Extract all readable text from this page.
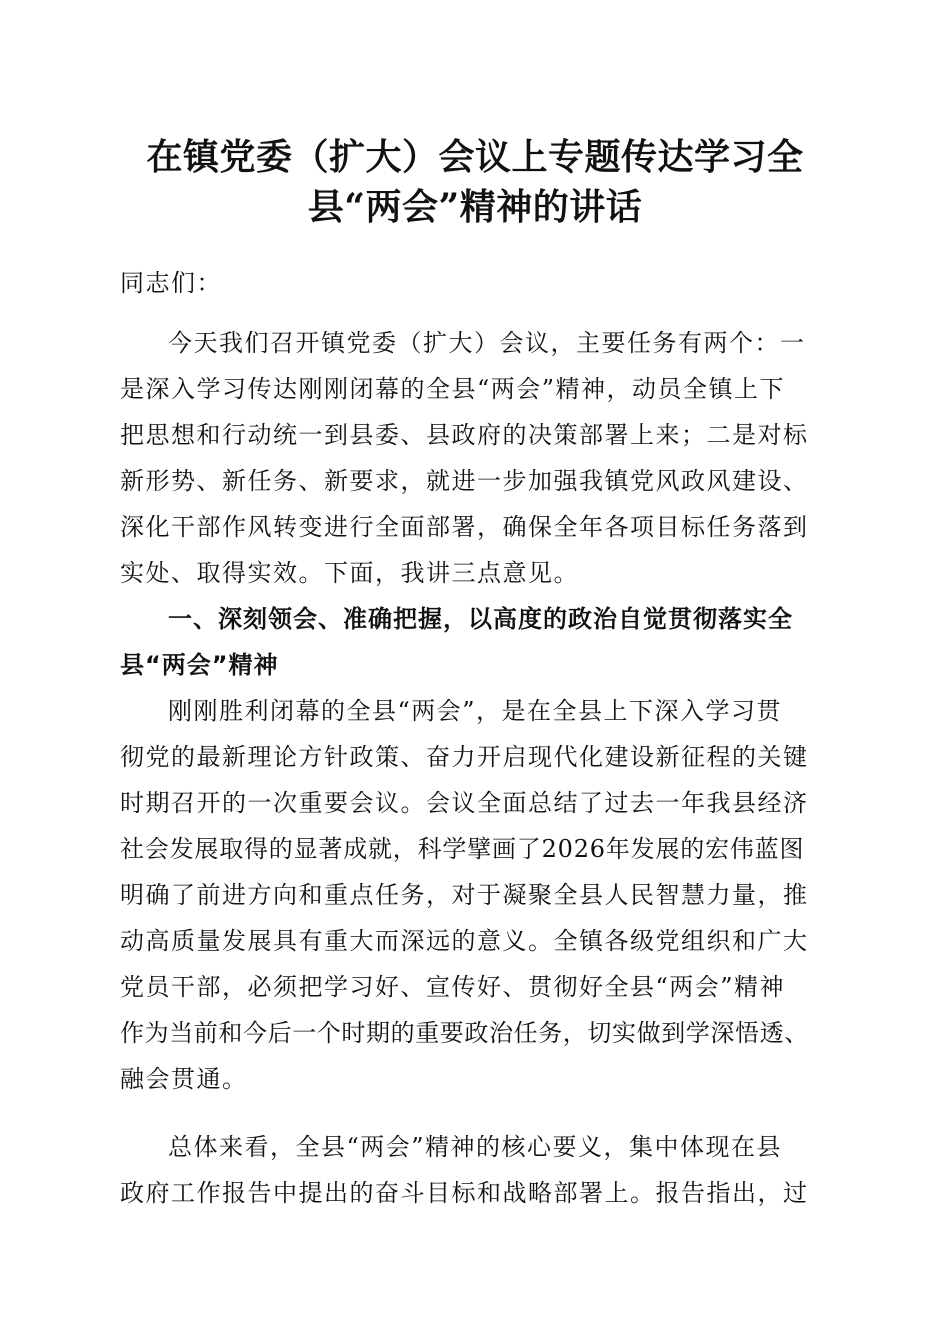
在镇党委（扩大）会议上专题传达学习全
县“两会”精神的讲话
同志们：
今天我们召开镇党委（扩大）会议，主要任务有两个：一
是深入学习传达刚刚闭幕的全县“两会”精神，动员全镇上下
把思想和行动统一到县委、县政府的决策部署上来；二是对标
新形势、新任务、新要求，就进一步加强我镇党风政风建设、
深化干部作风转变进行全面部署，确保全年各项目标任务落到
实处、取得实效。下面，我讲三点意见。
一、深刻领会、准确把握，以高度的政治自觉贯彻落实全
县“两会”精神
刚刚胜利闭幕的全县“两会”，是在全县上下深入学习贯
彻党的最新理论方针政策、奋力开启现代化建设新征程的关键
时期召开的一次重要会议。会议全面总结了过去一年我县经济
社会发展取得的显著成就，科学擘画了2026年发展的宏伟蓝图
明确了前进方向和重点任务，对于凝聚全县人民智慧力量，推
动高质量发展具有重大而深远的意义。全镇各级党组织和广大
党员干部，必须把学习好、宣传好、贯彻好全县“两会”精神
作为当前和今后一个时期的重要政治任务，切实做到学深悟透、
融会贯通。
总体来看，全县“两会”精神的核心要义，集中体现在县
政府工作报告中提出的奋斗目标和战略部署上。报告指出，过
